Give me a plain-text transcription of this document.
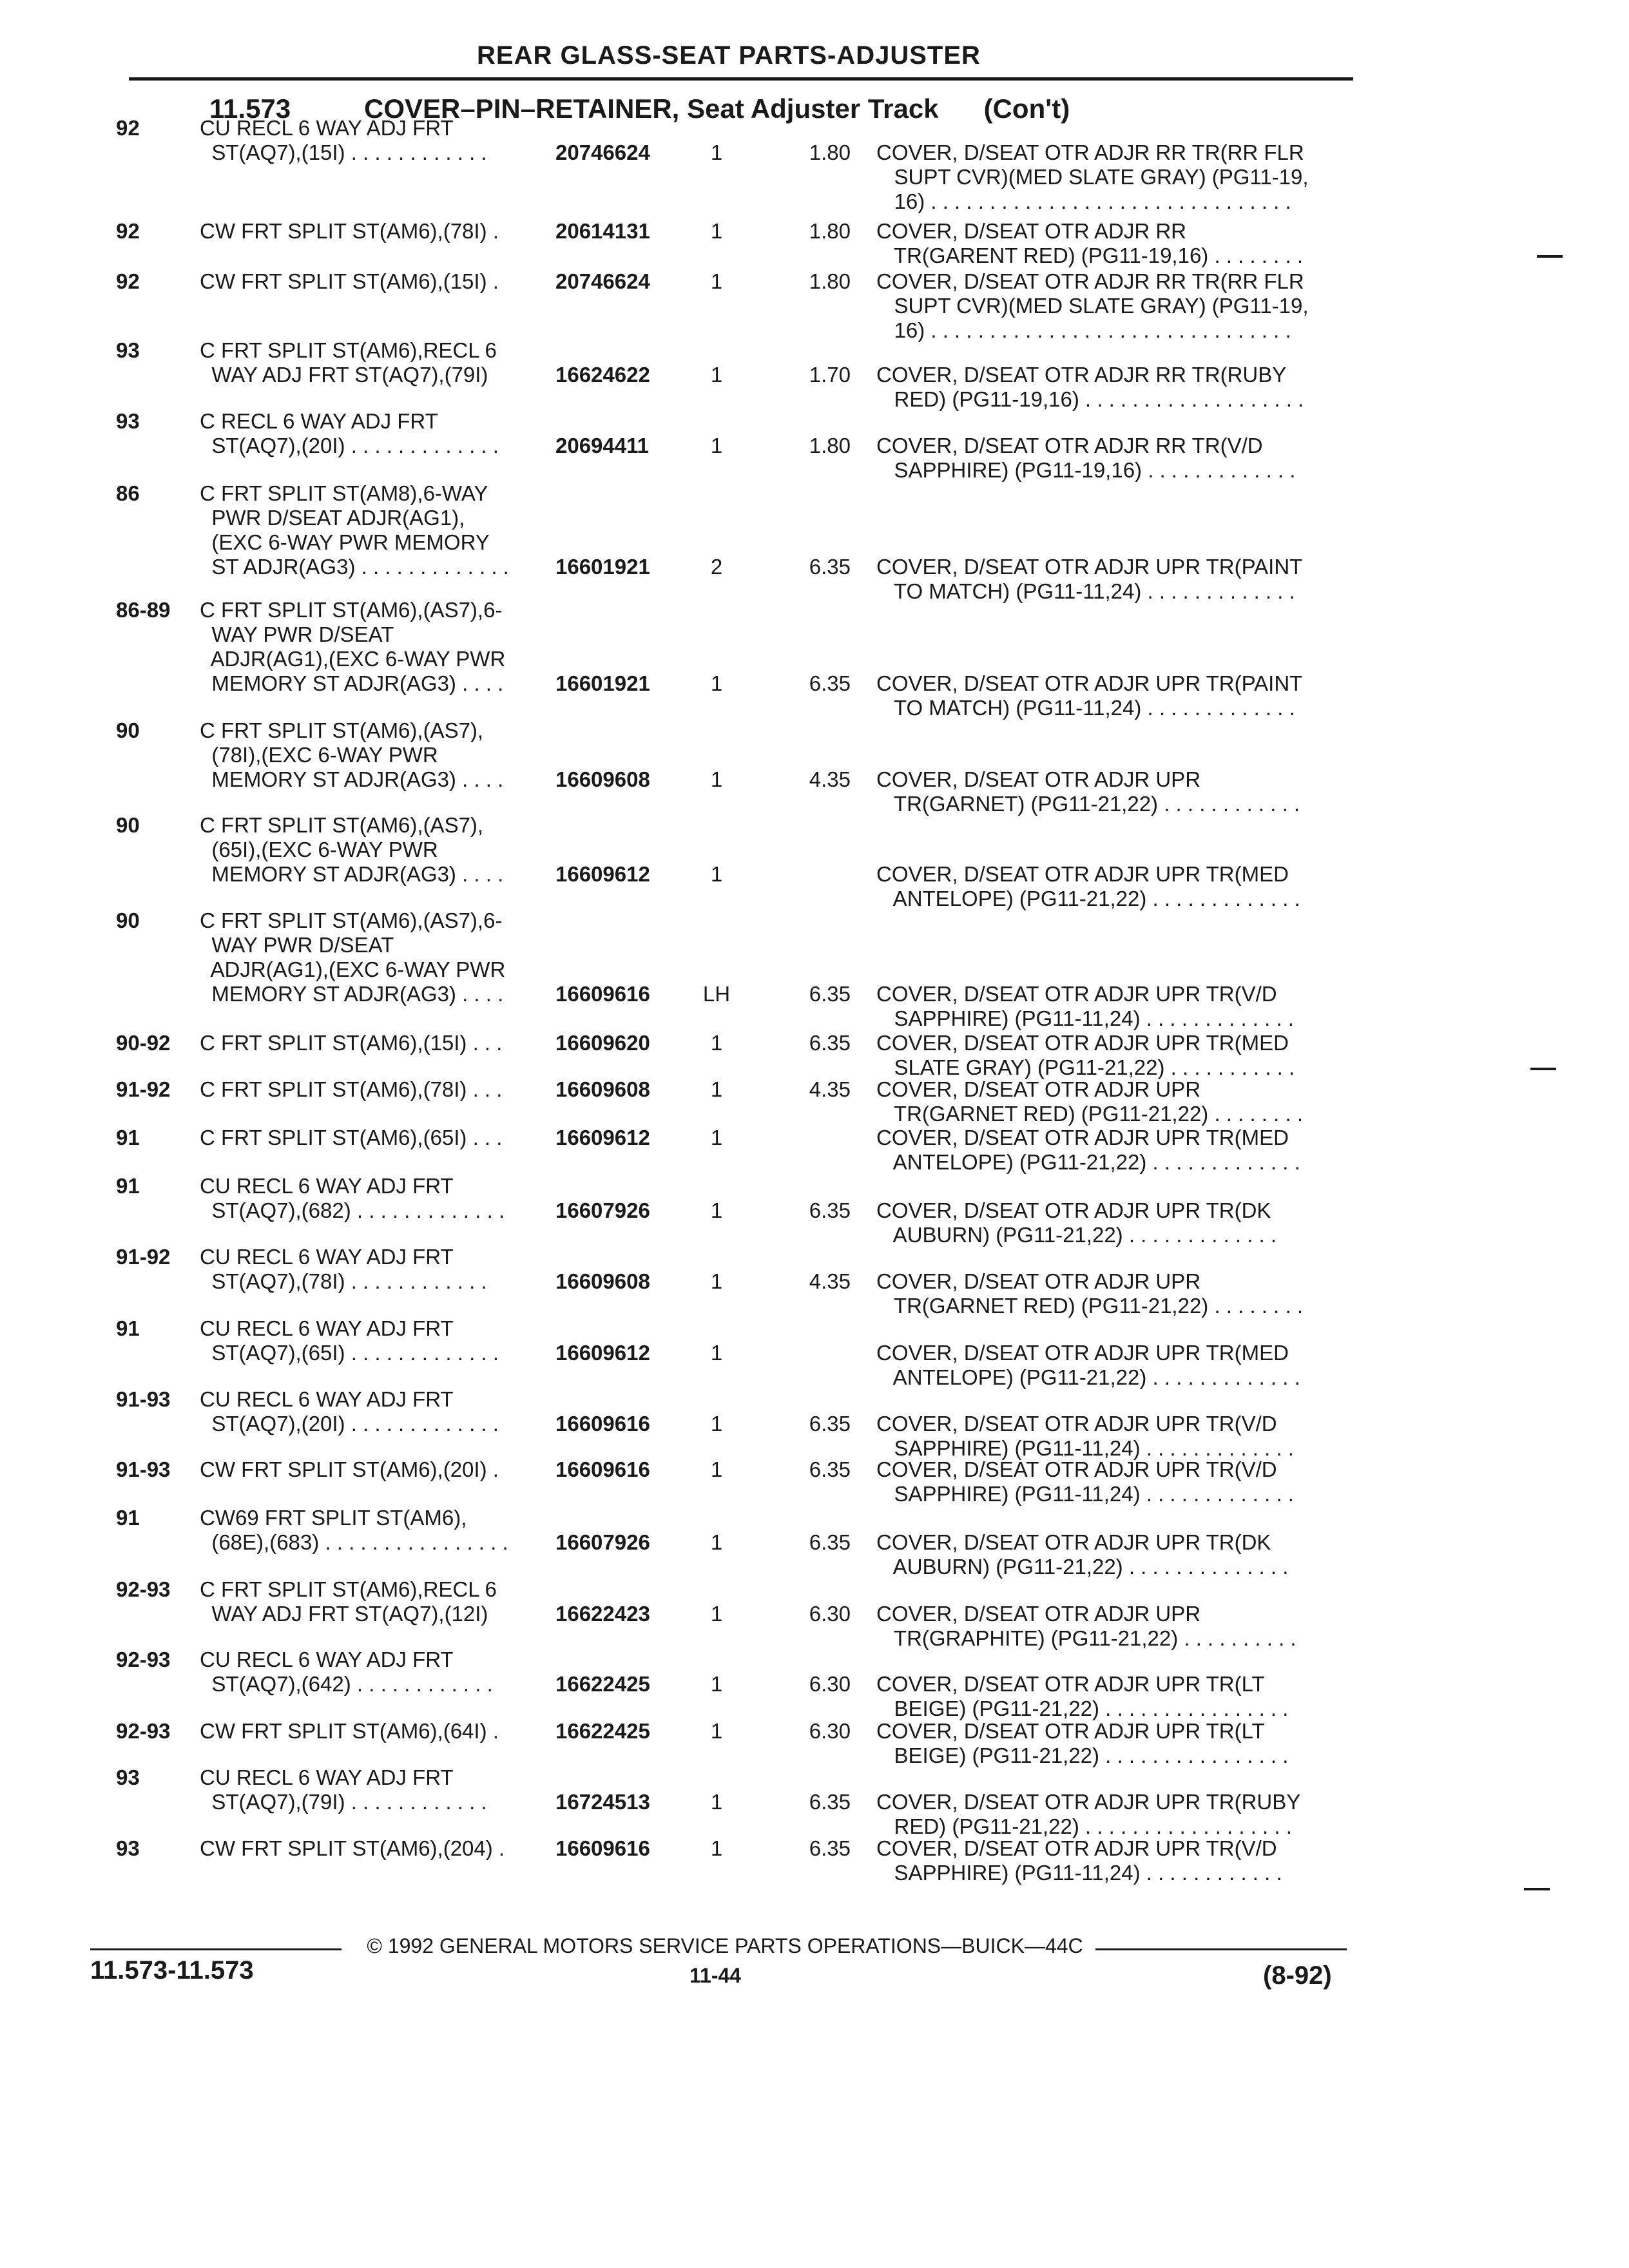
REAR GLASS-SEAT PARTS-ADJUSTER
11.573	COVER–PIN–RETAINER, Seat Adjuster Track (Con't)
92	CU RECL 6 WAY ADJ FRT
ST(AQ7),(15I) . . . . . . . . . . . .	20746624	1	1.80 COVER, D/SEAT OTR ADJR RR TR(RR FLR
SUPT CVR)(MED SLATE GRAY) (PG11-19,
16) . . . . . . . . . . . . . . . . . . . . . . . . . . . . . . .
92	CW FRT SPLIT ST(AM6),(78I) .	20614131	1	1.80 COVER, D/SEAT OTR ADJR RR
TR(GARENT RED) (PG11-19,16) . . . . . . . .
92	CW FRT SPLIT ST(AM6),(15I) .	20746624	1	1.80 COVER, D/SEAT OTR ADJR RR TR(RR FLR
SUPT CVR)(MED SLATE GRAY) (PG11-19,
16) . . . . . . . . . . . . . . . . . . . . . . . . . . . . . . .
93	C FRT SPLIT ST(AM6),RECL 6
WAY ADJ FRT ST(AQ7),(79I)	16624622	1	1.70 COVER, D/SEAT OTR ADJR RR TR(RUBY
RED) (PG11-19,16) . . . . . . . . . . . . . . . . . . .
93	C RECL 6 WAY ADJ FRT
ST(AQ7),(20I) . . . . . . . . . . . . .	20694411	1	1.80 COVER, D/SEAT OTR ADJR RR TR(V/D
SAPPHIRE) (PG11-19,16) . . . . . . . . . . . . .
86	C FRT SPLIT ST(AM8),6-WAY
PWR D/SEAT ADJR(AG1),
(EXC 6-WAY PWR MEMORY
ST ADJR(AG3) . . . . . . . . . . . . .	16601921	2	6.35 COVER, D/SEAT OTR ADJR UPR TR(PAINT
TO MATCH) (PG11-11,24) . . . . . . . . . . . . .
86-89	C FRT SPLIT ST(AM6),(AS7),6-
WAY PWR D/SEAT
ADJR(AG1),(EXC 6-WAY PWR
MEMORY ST ADJR(AG3) . . . .	16601921	1	6.35 COVER, D/SEAT OTR ADJR UPR TR(PAINT
TO MATCH) (PG11-11,24) . . . . . . . . . . . . .
90	C FRT SPLIT ST(AM6),(AS7),
(78I),(EXC 6-WAY PWR
MEMORY ST ADJR(AG3) . . . .	16609608	1	4.35 COVER, D/SEAT OTR ADJR UPR
TR(GARNET) (PG11-21,22) . . . . . . . . . . . .
90	C FRT SPLIT ST(AM6),(AS7),
(65I),(EXC 6-WAY PWR
MEMORY ST ADJR(AG3) . . . .	16609612	1	COVER, D/SEAT OTR ADJR UPR TR(MED
ANTELOPE) (PG11-21,22) . . . . . . . . . . . . .
90	C FRT SPLIT ST(AM6),(AS7),6-
WAY PWR D/SEAT
ADJR(AG1),(EXC 6-WAY PWR
MEMORY ST ADJR(AG3) . . . .	16609616	LH	6.35 COVER, D/SEAT OTR ADJR UPR TR(V/D
SAPPHIRE) (PG11-11,24) . . . . . . . . . . . . .
90-92	C FRT SPLIT ST(AM6),(15I) . . .	16609620	1	6.35 COVER, D/SEAT OTR ADJR UPR TR(MED
SLATE GRAY) (PG11-21,22) . . . . . . . . . . .
91-92	C FRT SPLIT ST(AM6),(78I) . . .	16609608	1	4.35 COVER, D/SEAT OTR ADJR UPR
TR(GARNET RED) (PG11-21,22) . . . . . . . .
91	C FRT SPLIT ST(AM6),(65I) . . .	16609612	1	COVER, D/SEAT OTR ADJR UPR TR(MED
ANTELOPE) (PG11-21,22) . . . . . . . . . . . . .
91	CU RECL 6 WAY ADJ FRT
ST(AQ7),(682) . . . . . . . . . . . . .	16607926	1	6.35 COVER, D/SEAT OTR ADJR UPR TR(DK
AUBURN) (PG11-21,22) . . . . . . . . . . . . .
91-92	CU RECL 6 WAY ADJ FRT
ST(AQ7),(78I) . . . . . . . . . . . .	16609608	1	4.35 COVER, D/SEAT OTR ADJR UPR
TR(GARNET RED) (PG11-21,22) . . . . . . . .
91	CU RECL 6 WAY ADJ FRT
ST(AQ7),(65I) . . . . . . . . . . . . .	16609612	1	COVER, D/SEAT OTR ADJR UPR TR(MED
ANTELOPE) (PG11-21,22) . . . . . . . . . . . . .
91-93	CU RECL 6 WAY ADJ FRT
ST(AQ7),(20I) . . . . . . . . . . . . .	16609616	1	6.35 COVER, D/SEAT OTR ADJR UPR TR(V/D
SAPPHIRE) (PG11-11,24) . . . . . . . . . . . . .
91-93	CW FRT SPLIT ST(AM6),(20I) .	16609616	1	6.35 COVER, D/SEAT OTR ADJR UPR TR(V/D
SAPPHIRE) (PG11-11,24) . . . . . . . . . . . . .
91	CW69 FRT SPLIT ST(AM6),
(68E),(683) . . . . . . . . . . . . . . . .	16607926	1	6.35 COVER, D/SEAT OTR ADJR UPR TR(DK
AUBURN) (PG11-21,22) . . . . . . . . . . . . . .
92-93	C FRT SPLIT ST(AM6),RECL 6
WAY ADJ FRT ST(AQ7),(12I)	16622423	1	6.30 COVER, D/SEAT OTR ADJR UPR
TR(GRAPHITE) (PG11-21,22) . . . . . . . . . .
92-93	CU RECL 6 WAY ADJ FRT
ST(AQ7),(642) . . . . . . . . . . . .	16622425	1	6.30 COVER, D/SEAT OTR ADJR UPR TR(LT
BEIGE) (PG11-21,22) . . . . . . . . . . . . . . . .
92-93	CW FRT SPLIT ST(AM6),(64I) .	16622425	1	6.30 COVER, D/SEAT OTR ADJR UPR TR(LT
BEIGE) (PG11-21,22) . . . . . . . . . . . . . . . .
93	CU RECL 6 WAY ADJ FRT
ST(AQ7),(79I) . . . . . . . . . . . .	16724513	1	6.35 COVER, D/SEAT OTR ADJR UPR TR(RUBY
RED) (PG11-21,22) . . . . . . . . . . . . . . . . . .
93	CW FRT SPLIT ST(AM6),(204) .	16609616	1	6.35 COVER, D/SEAT OTR ADJR UPR TR(V/D
SAPPHIRE) (PG11-11,24) . . . . . . . . . . . .
© 1992 GENERAL MOTORS SERVICE PARTS OPERATIONS—BUICK—44C
11.573-11.573	11-44	(8-92)
